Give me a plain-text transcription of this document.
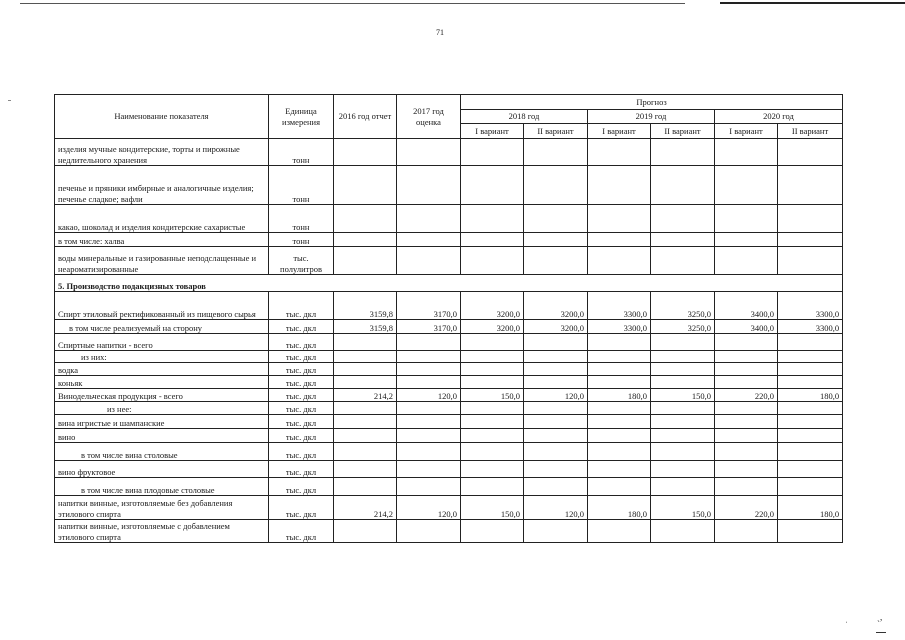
71
Наименование показателя	Единица измерения	2016 год отчет	2017 год оценка	Прогноз					
				2018 год		2019 год		2020 год	
				I вариант	II вариант	I вариант	II вариант	I вариант	II вариант
изделия мучные кондитерские, торты и пирожные недлительного хранения	тонн								
печенье и пряники имбирные и аналогичные изделия; печенье сладкое; вафли	тонн								
какао, шоколад и изделия кондитерские сахаристые	тонн								
в том числе: халва	тонн								
воды минеральные и газированные неподслащенные и неароматизированные	тыс. полулитров								
5. Производство подакцизных товаров									
Спирт этиловый ректификованный из пищевого сырья	тыс. дкл	3159,8	3170,0	3200,0	3200,0	3300,0	3250,0	3400,0	3300,0
в том числе реализуемый на сторону	тыс. дкл	3159,8	3170,0	3200,0	3200,0	3300,0	3250,0	3400,0	3300,0
Спиртные напитки - всего	тыс. дкл								
из них:	тыс. дкл								
водка	тыс. дкл								
коньяк	тыс. дкл								
Винодельческая продукция - всего	тыс. дкл	214,2	120,0	150,0	120,0	180,0	150,0	220,0	180,0
из нее:	тыс. дкл								
вина игристые и шампанские	тыс. дкл								
вино	тыс. дкл								
в том числе вина столовые	тыс. дкл								
вино фруктовое	тыс. дкл								
в том числе вина плодовые столовые	тыс. дкл								
напитки винные, изготовляемые без добавления этилового спирта	тыс. дкл	214,2	120,0	150,0	120,0	180,0	150,0	220,0	180,0
напитки винные, изготовляемые с добавлением этилового спирта	тыс. дкл								
ˌ	ˏ,
